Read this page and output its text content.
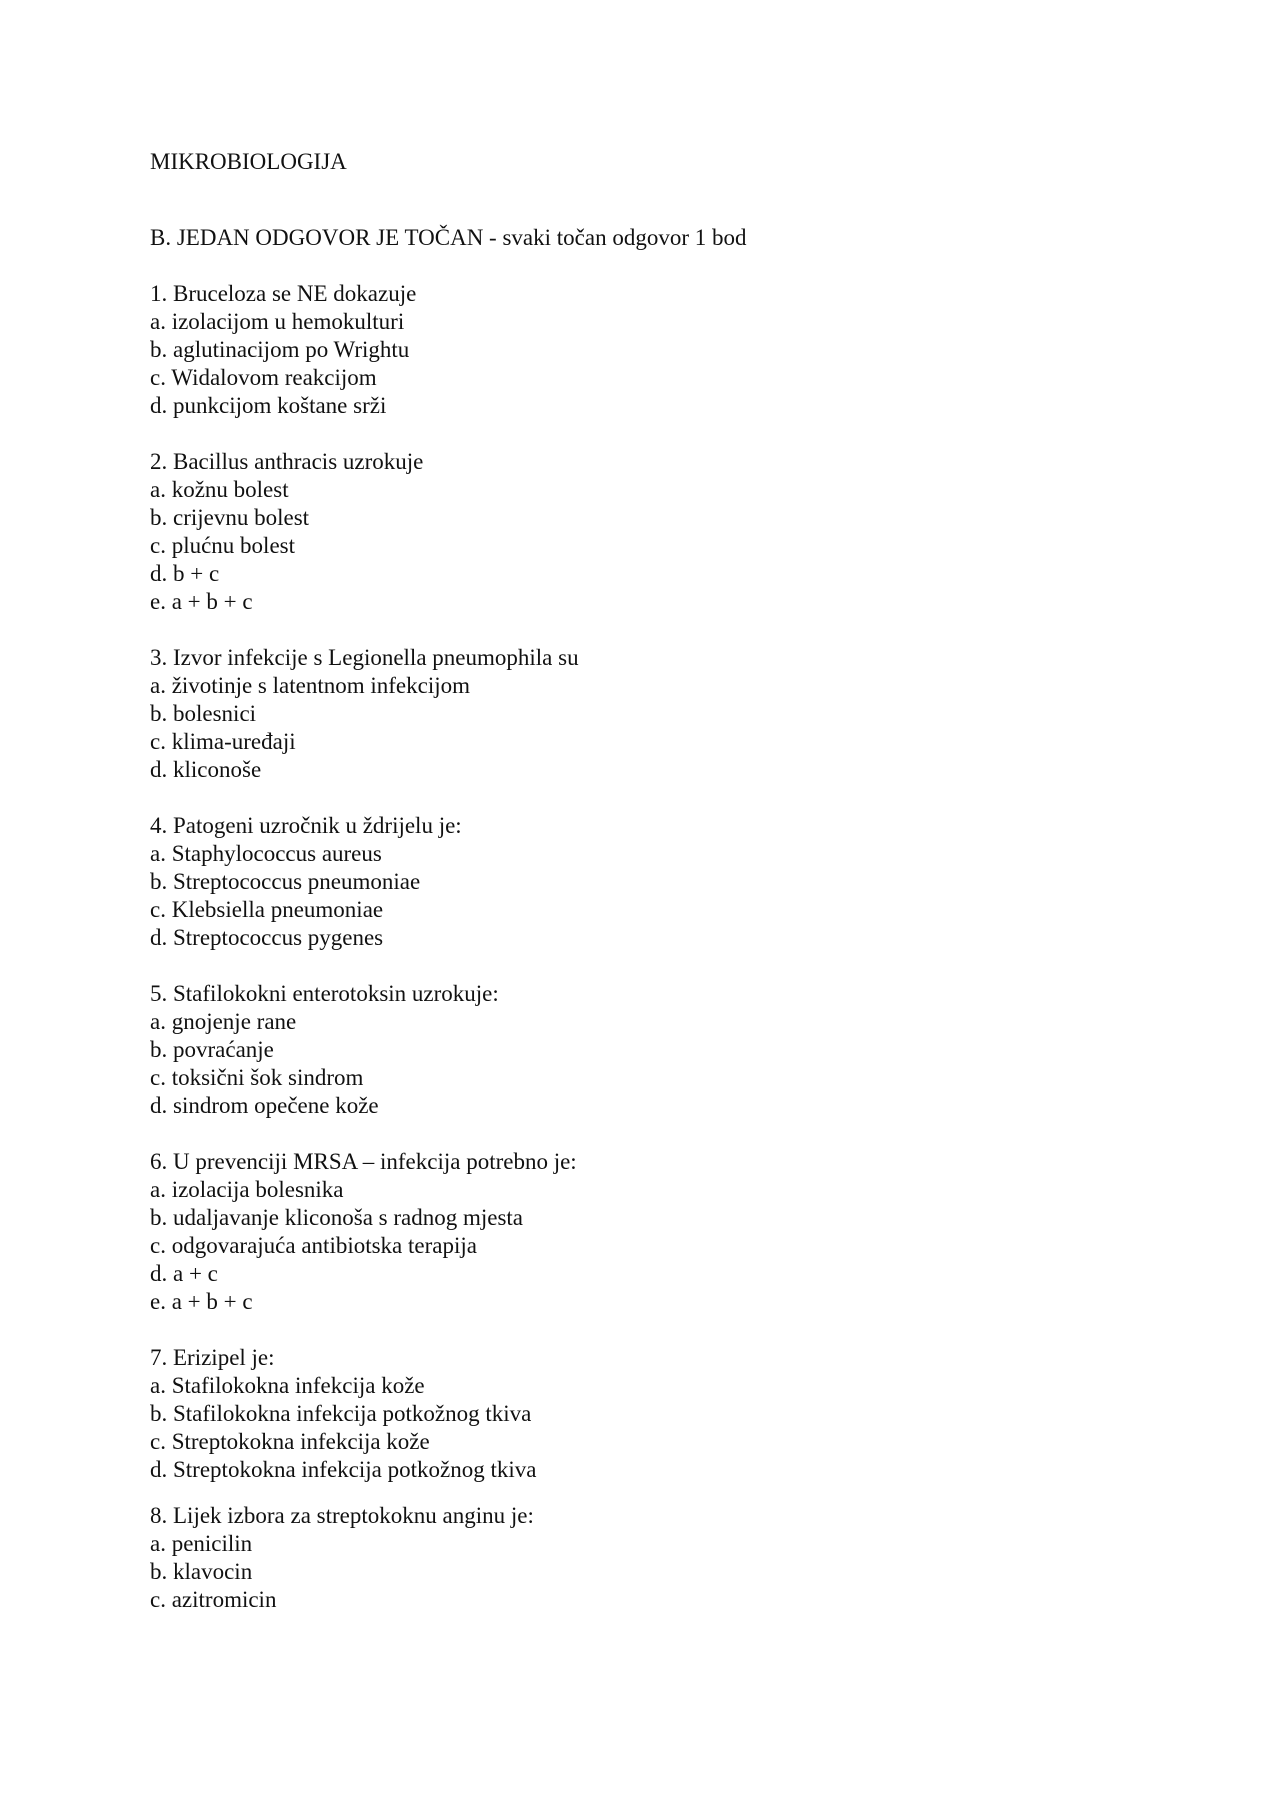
MIKROBIOLOGIJA
B. JEDAN ODGOVOR JE TOČAN - svaki točan odgovor 1 bod
1. Bruceloza se NE dokazuje
a. izolacijom u hemokulturi
b. aglutinacijom po Wrightu
c. Widalovom reakcijom
d. punkcijom koštane srži
2. Bacillus anthracis uzrokuje
a. kožnu bolest
b. crijevnu bolest
c. plućnu bolest
d. b + c
e. a + b + c
3. Izvor infekcije s Legionella pneumophila su
a. životinje s latentnom infekcijom
b. bolesnici
c. klima-uređaji
d. kliconoše
4. Patogeni uzročnik u ždrijelu je:
a. Staphylococcus aureus
b. Streptococcus pneumoniae
c. Klebsiella pneumoniae
d. Streptococcus pygenes
5. Stafilokokni enterotoksin uzrokuje:
a. gnojenje rane
b. povraćanje
c. toksični šok sindrom
d. sindrom opečene kože
6. U prevenciji MRSA – infekcija potrebno je:
a. izolacija bolesnika
b. udaljavanje kliconoša s radnog mjesta
c. odgovarajuća antibiotska terapija
d. a + c
e. a + b + c
7. Erizipel je:
a. Stafilokokna infekcija kože
b. Stafilokokna infekcija potkožnog tkiva
c. Streptokokna infekcija kože
d. Streptokokna infekcija potkožnog tkiva
8. Lijek izbora za streptokoknu anginu je:
a. penicilin
b. klavocin
c. azitromicin
